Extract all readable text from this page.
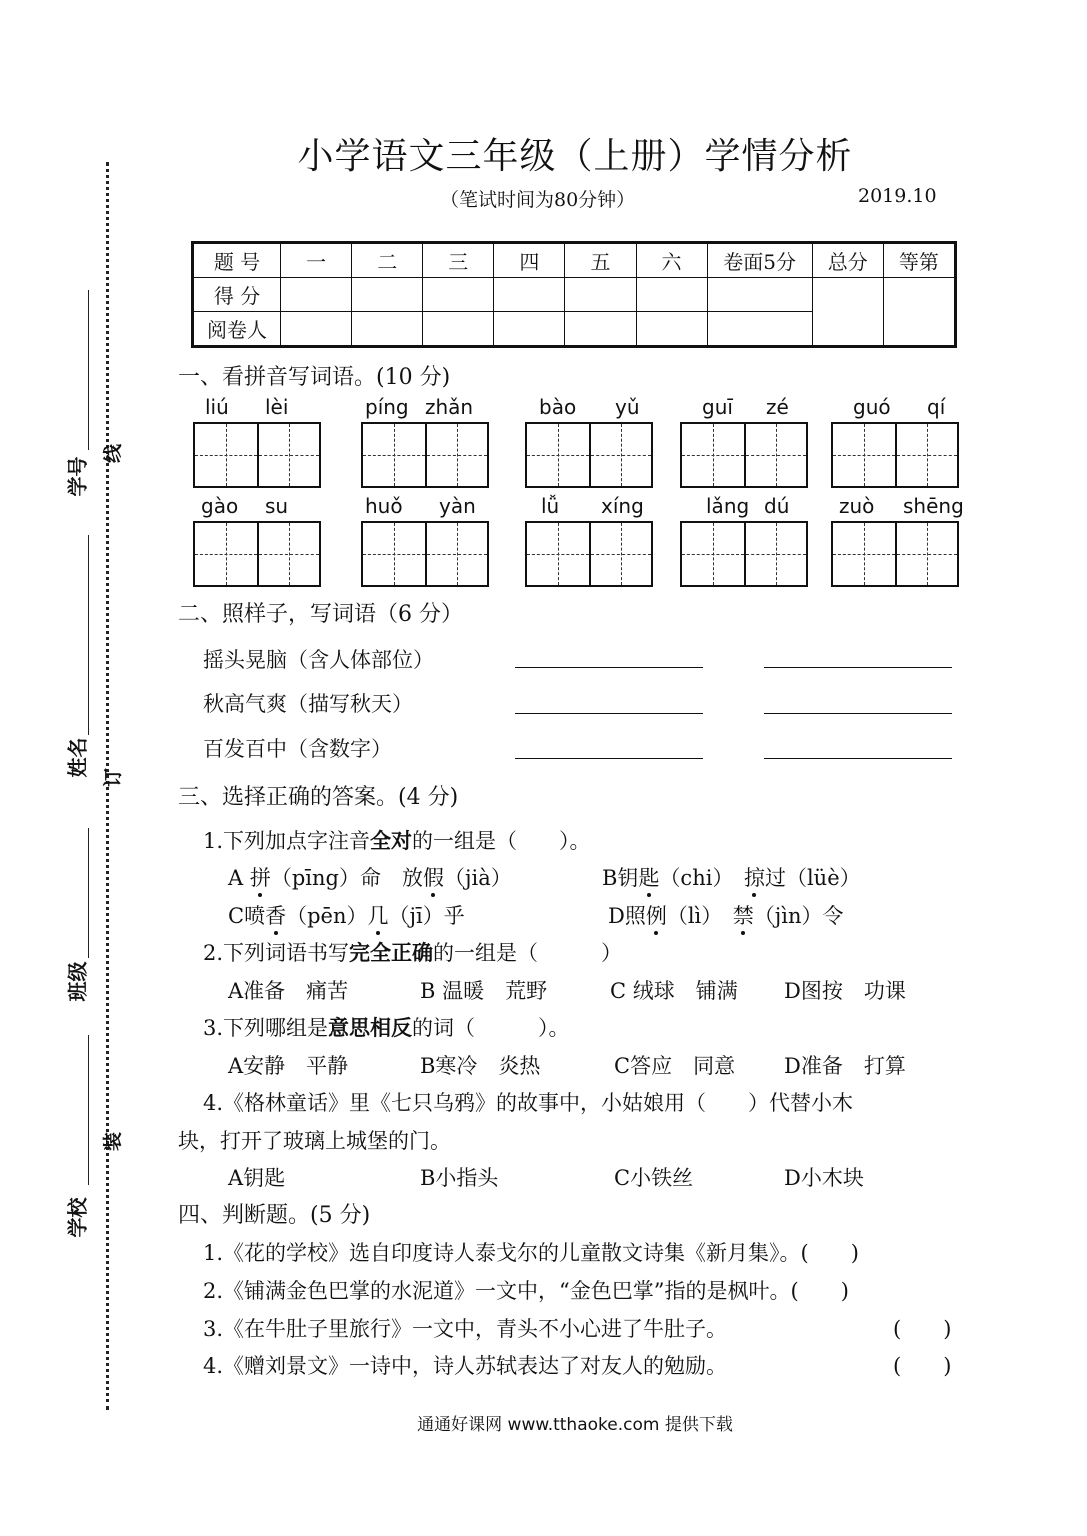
学号
姓名
班级
学校
线
订
装
小学语文三年级（上册）学情分析
（笔试时间为80分钟）	2019.10
题 号	一	二	三	四	五	六	卷面5分	总分	等第
得 分									
阅卷人									
一、看拼音写词语。(10 分)
liú lèi	píng zhǎn	bào yǔ	guī zé	guó qí
gào su	huǒ yàn	lǚ xíng	lǎng dú zuò shēng
二、照样子，写词语（6 分）
摇头晃脑（含人体部位）
秋高气爽（描写秋天）
百发百中（含数字）
三、选择正确的答案。(4 分)
1.下列加点字注音全对的一组是（　　）。
A 拼（pīng）命　放假（jià）	B钥匙（chi）　掠过（lüè）
C喷香（pēn）几（jī）乎	D照例（lì）　禁（jìn）令
2.下列词语书写完全正确的一组是（　　　）
A准备　痛苦	B 温暖　荒野	C 绒球　铺满 D图按　功课
3.下列哪组是意思相反的词（　　　）。
A安静　平静	B寒冷　炎热	C答应　同意 D准备　打算
4.《格林童话》里《七只乌鸦》的故事中，小姑娘用（　　）代替小木
块，打开了玻璃上城堡的门。
A钥匙	B小指头	C小铁丝	D小木块
四、判断题。(5 分)
1.《花的学校》选自印度诗人泰戈尔的儿童散文诗集《新月集》。(　　)
2.《铺满金色巴掌的水泥道》一文中，“金色巴掌”指的是枫叶。(　　)
3.《在牛肚子里旅行》一文中，青头不小心进了牛肚子。	(　　)
4.《赠刘景文》一诗中，诗人苏轼表达了对友人的勉励。	(　　)
通通好课网 www.tthaoke.com 提供下载
